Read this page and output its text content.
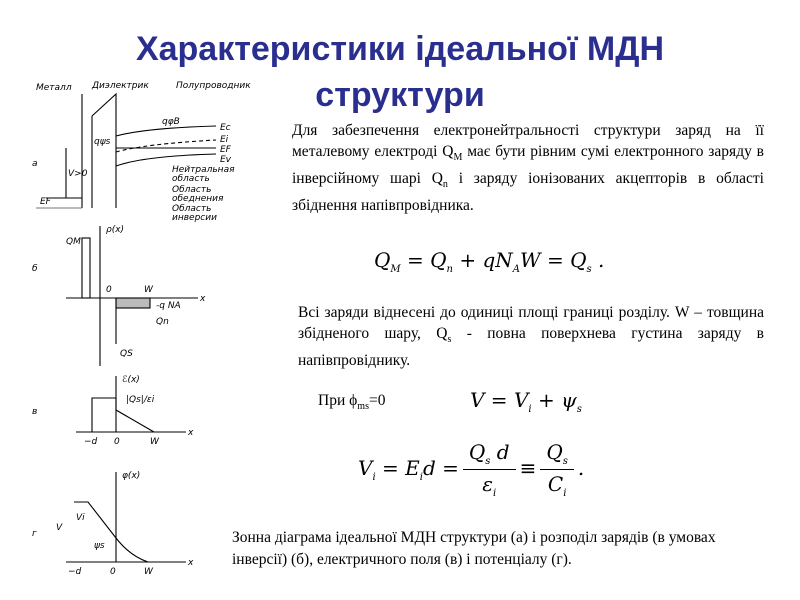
Характеристики ідеальної МДН
структури
Металл Диэлектрик	Полупроводник
а
Ec
Ei
EF
Ev
EF
qφB
qψs
V>0	Нейтральная
область
Область
обеднения
Область
инверсии
б
ρ(x)
QM
x
0	W
-q NA
Qn
QS
в
ℰ(x)
|Qs|/εi
−d 0	W
x
г
φ(x)
Vi
V
ψs
−d	0	W
x
Для забезпечення електронейтральності структури заряд на її металевому електроді $Q_М$ має бути рівним сумі електронного заряду в інверсійному шарі $Q_n$ і заряду іонізованих акцепторів в області збіднення напівпровідника.
$Q_M = Q_n + qN_AW = Q_s$ .
Всі заряди віднесені до одиниці площі границі розділу. W – товщина збідненого шару, $Q_s$ - повна поверхнева густина заряду в напівпровіднику.
При $\phi_{ms}=0$	$V = V_i + \psi_s$
$V_i = E_id = \frac{Q_s d}{\varepsilon_i} \equiv \frac{Q_s}{C_i}$ .
Зонна діаграма ідеальної МДН структури (а) і розподіл зарядів (в умовах інверсії) (б), електричного поля (в) і потенціалу (г).
